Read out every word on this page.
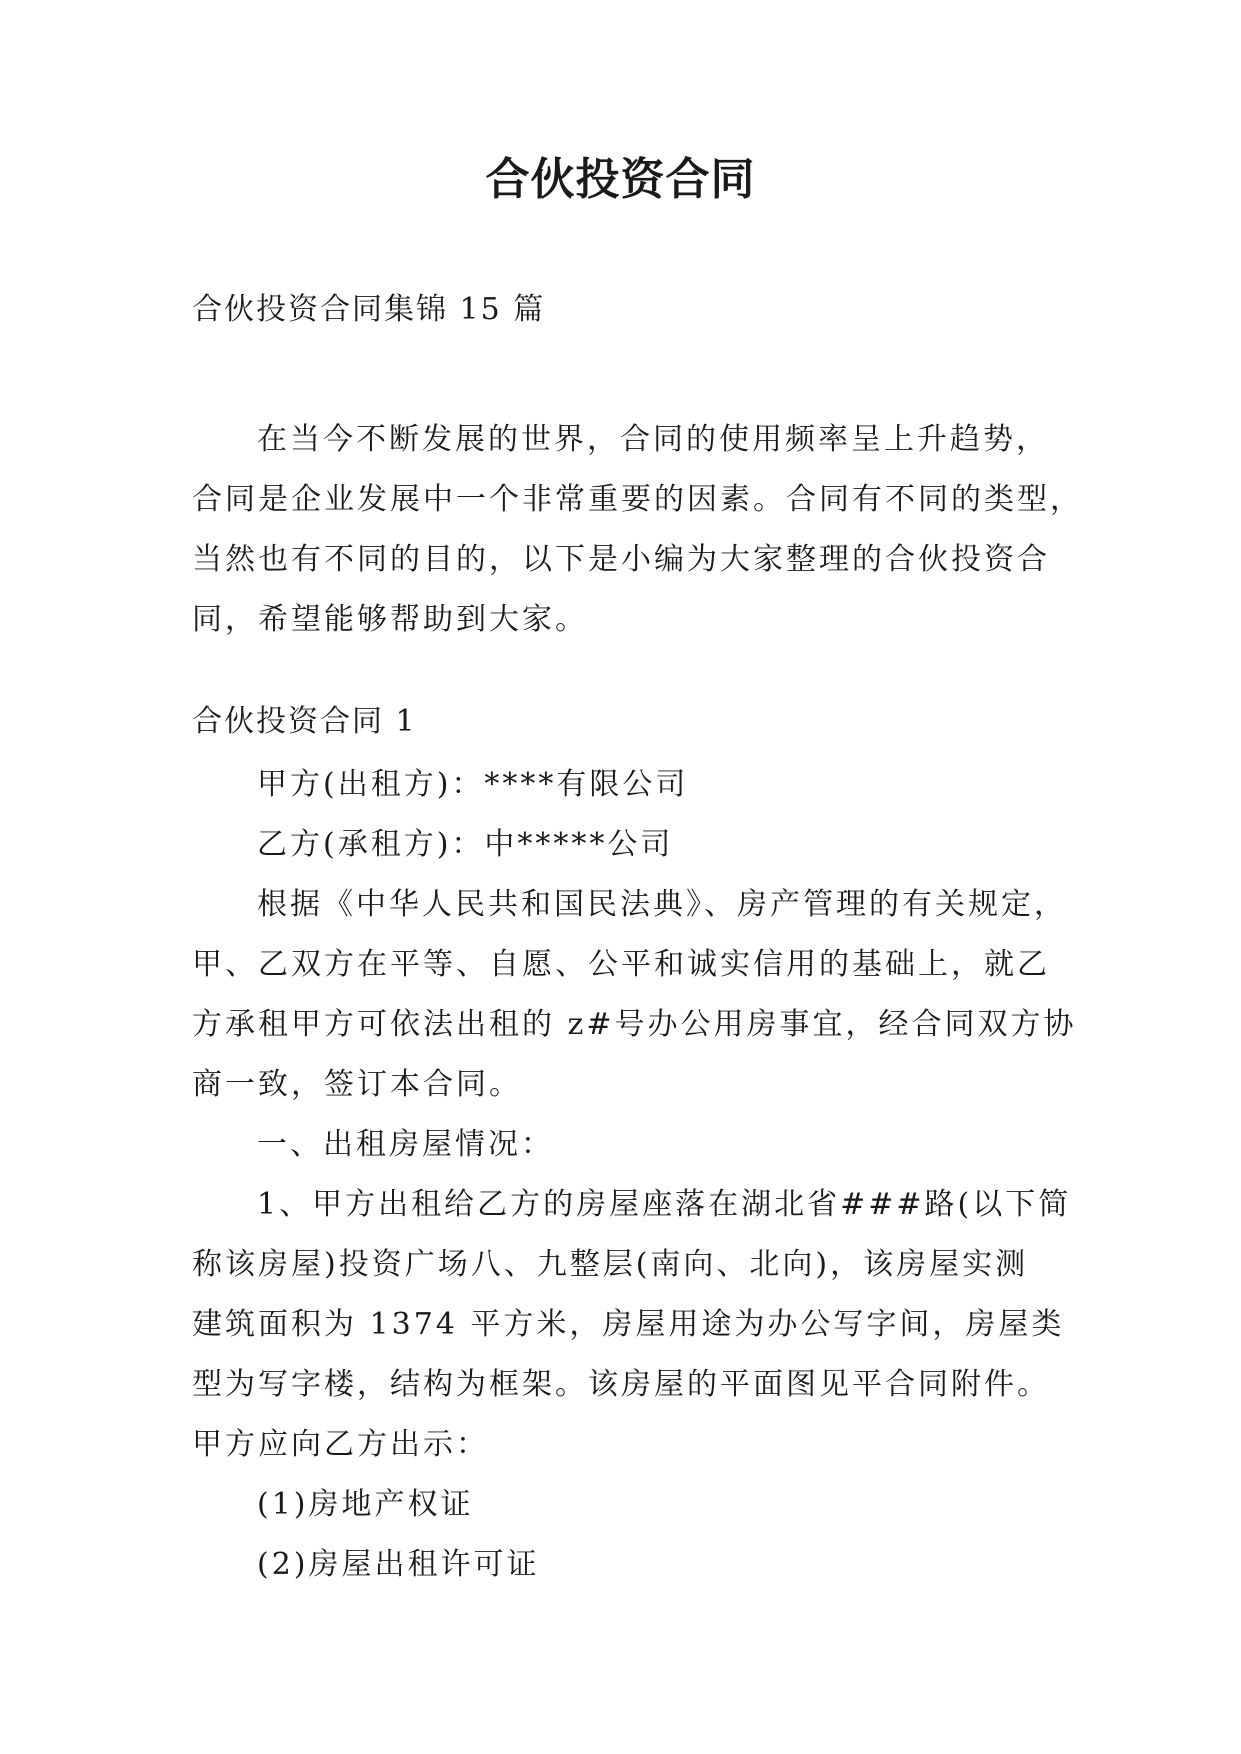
合伙投资合同
合伙投资合同集锦 15 篇
在当今不断发展的世界，合同的使用频率呈上升趋势，
合同是企业发展中一个非常重要的因素。合同有不同的类型，
当然也有不同的目的，以下是小编为大家整理的合伙投资合
同，希望能够帮助到大家。
合伙投资合同 1
甲方(出租方)：****有限公司
乙方(承租方)：中*****公司
根据《中华人民共和国民法典》、房产管理的有关规定，
甲、乙双方在平等、自愿、公平和诚实信用的基础上，就乙
方承租甲方可依法出租的 z#号办公用房事宜，经合同双方协
商一致，签订本合同。
一、出租房屋情况：
1、甲方出租给乙方的房屋座落在湖北省###路(以下简
称该房屋)投资广场八、九整层(南向、北向)，该房屋实测
建筑面积为 1374 平方米，房屋用途为办公写字间，房屋类
型为写字楼，结构为框架。该房屋的平面图见平合同附件。
甲方应向乙方出示：
(1)房地产权证
(2)房屋出租许可证
